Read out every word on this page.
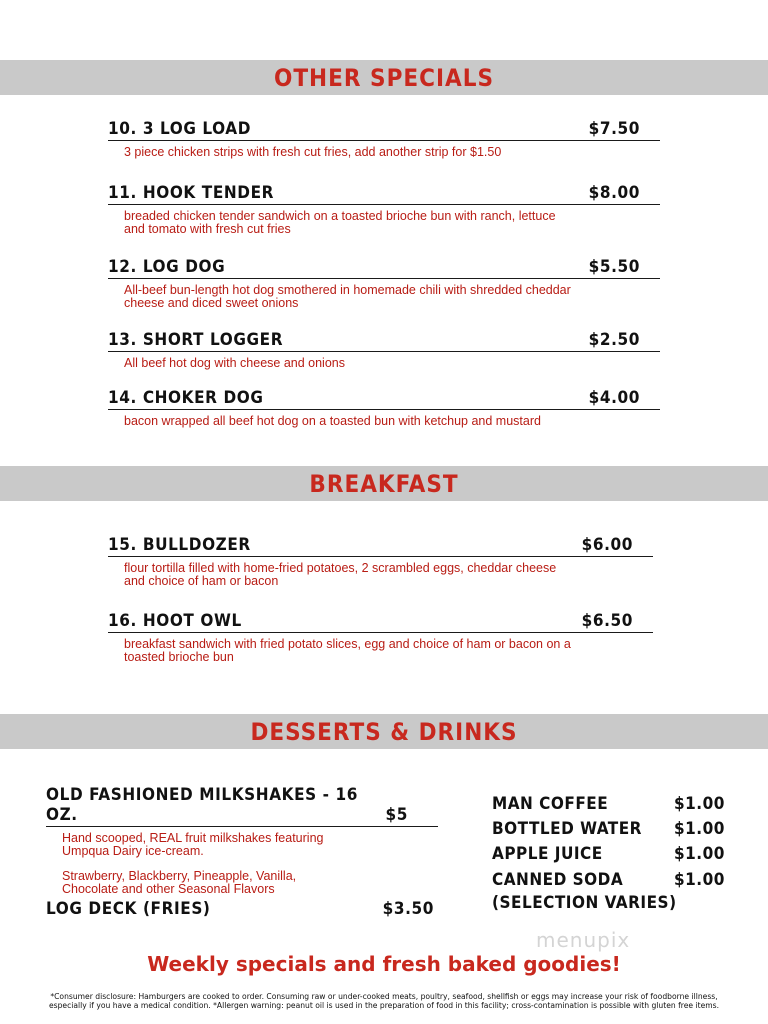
OTHER SPECIALS
BREAKFAST
DESSERTS & DRINKS
10. 3 LOG LOAD	$7.50
3 piece chicken strips with fresh cut fries, add another strip for $1.50
11. HOOK TENDER	$8.00
breaded chicken tender sandwich on a toasted brioche bun with ranch, lettuce and tomato with fresh cut fries
12. LOG DOG	$5.50
All-beef bun-length hot dog smothered in homemade chili with shredded cheddar cheese and diced sweet onions
13. SHORT LOGGER	$2.50
All beef hot dog with cheese and onions
14. CHOKER DOG	$4.00
bacon wrapped all beef hot dog on a toasted bun with ketchup and mustard
15. BULLDOZER	$6.00
flour tortilla filled with home-fried potatoes, 2 scrambled eggs, cheddar cheese and choice of ham or bacon
16. HOOT OWL	$6.50
breakfast sandwich with fried potato slices, egg and choice of ham or bacon on a toasted brioche bun
OLD FASHIONED MILKSHAKES - 16 OZ.	$5
Hand scooped, REAL fruit milkshakes featuring Umpqua Dairy ice-cream.
Strawberry, Blackberry, Pineapple, Vanilla, Chocolate and other Seasonal Flavors
LOG DECK (FRIES)	$3.50
MAN COFFEE	$1.00
BOTTLED WATER $1.00
APPLE JUICE	$1.00
CANNED SODA	$1.00
(SELECTION VARIES)
menupix
Weekly specials and fresh baked goodies!
*Consumer disclosure: Hamburgers are cooked to order. Consuming raw or under-cooked meats, poultry, seafood, shellfish or eggs may increase your risk of foodborne illness,
especially if you have a medical condition. *Allergen warning: peanut oil is used in the preparation of food in this facility; cross-contamination is possible with gluten free items.
